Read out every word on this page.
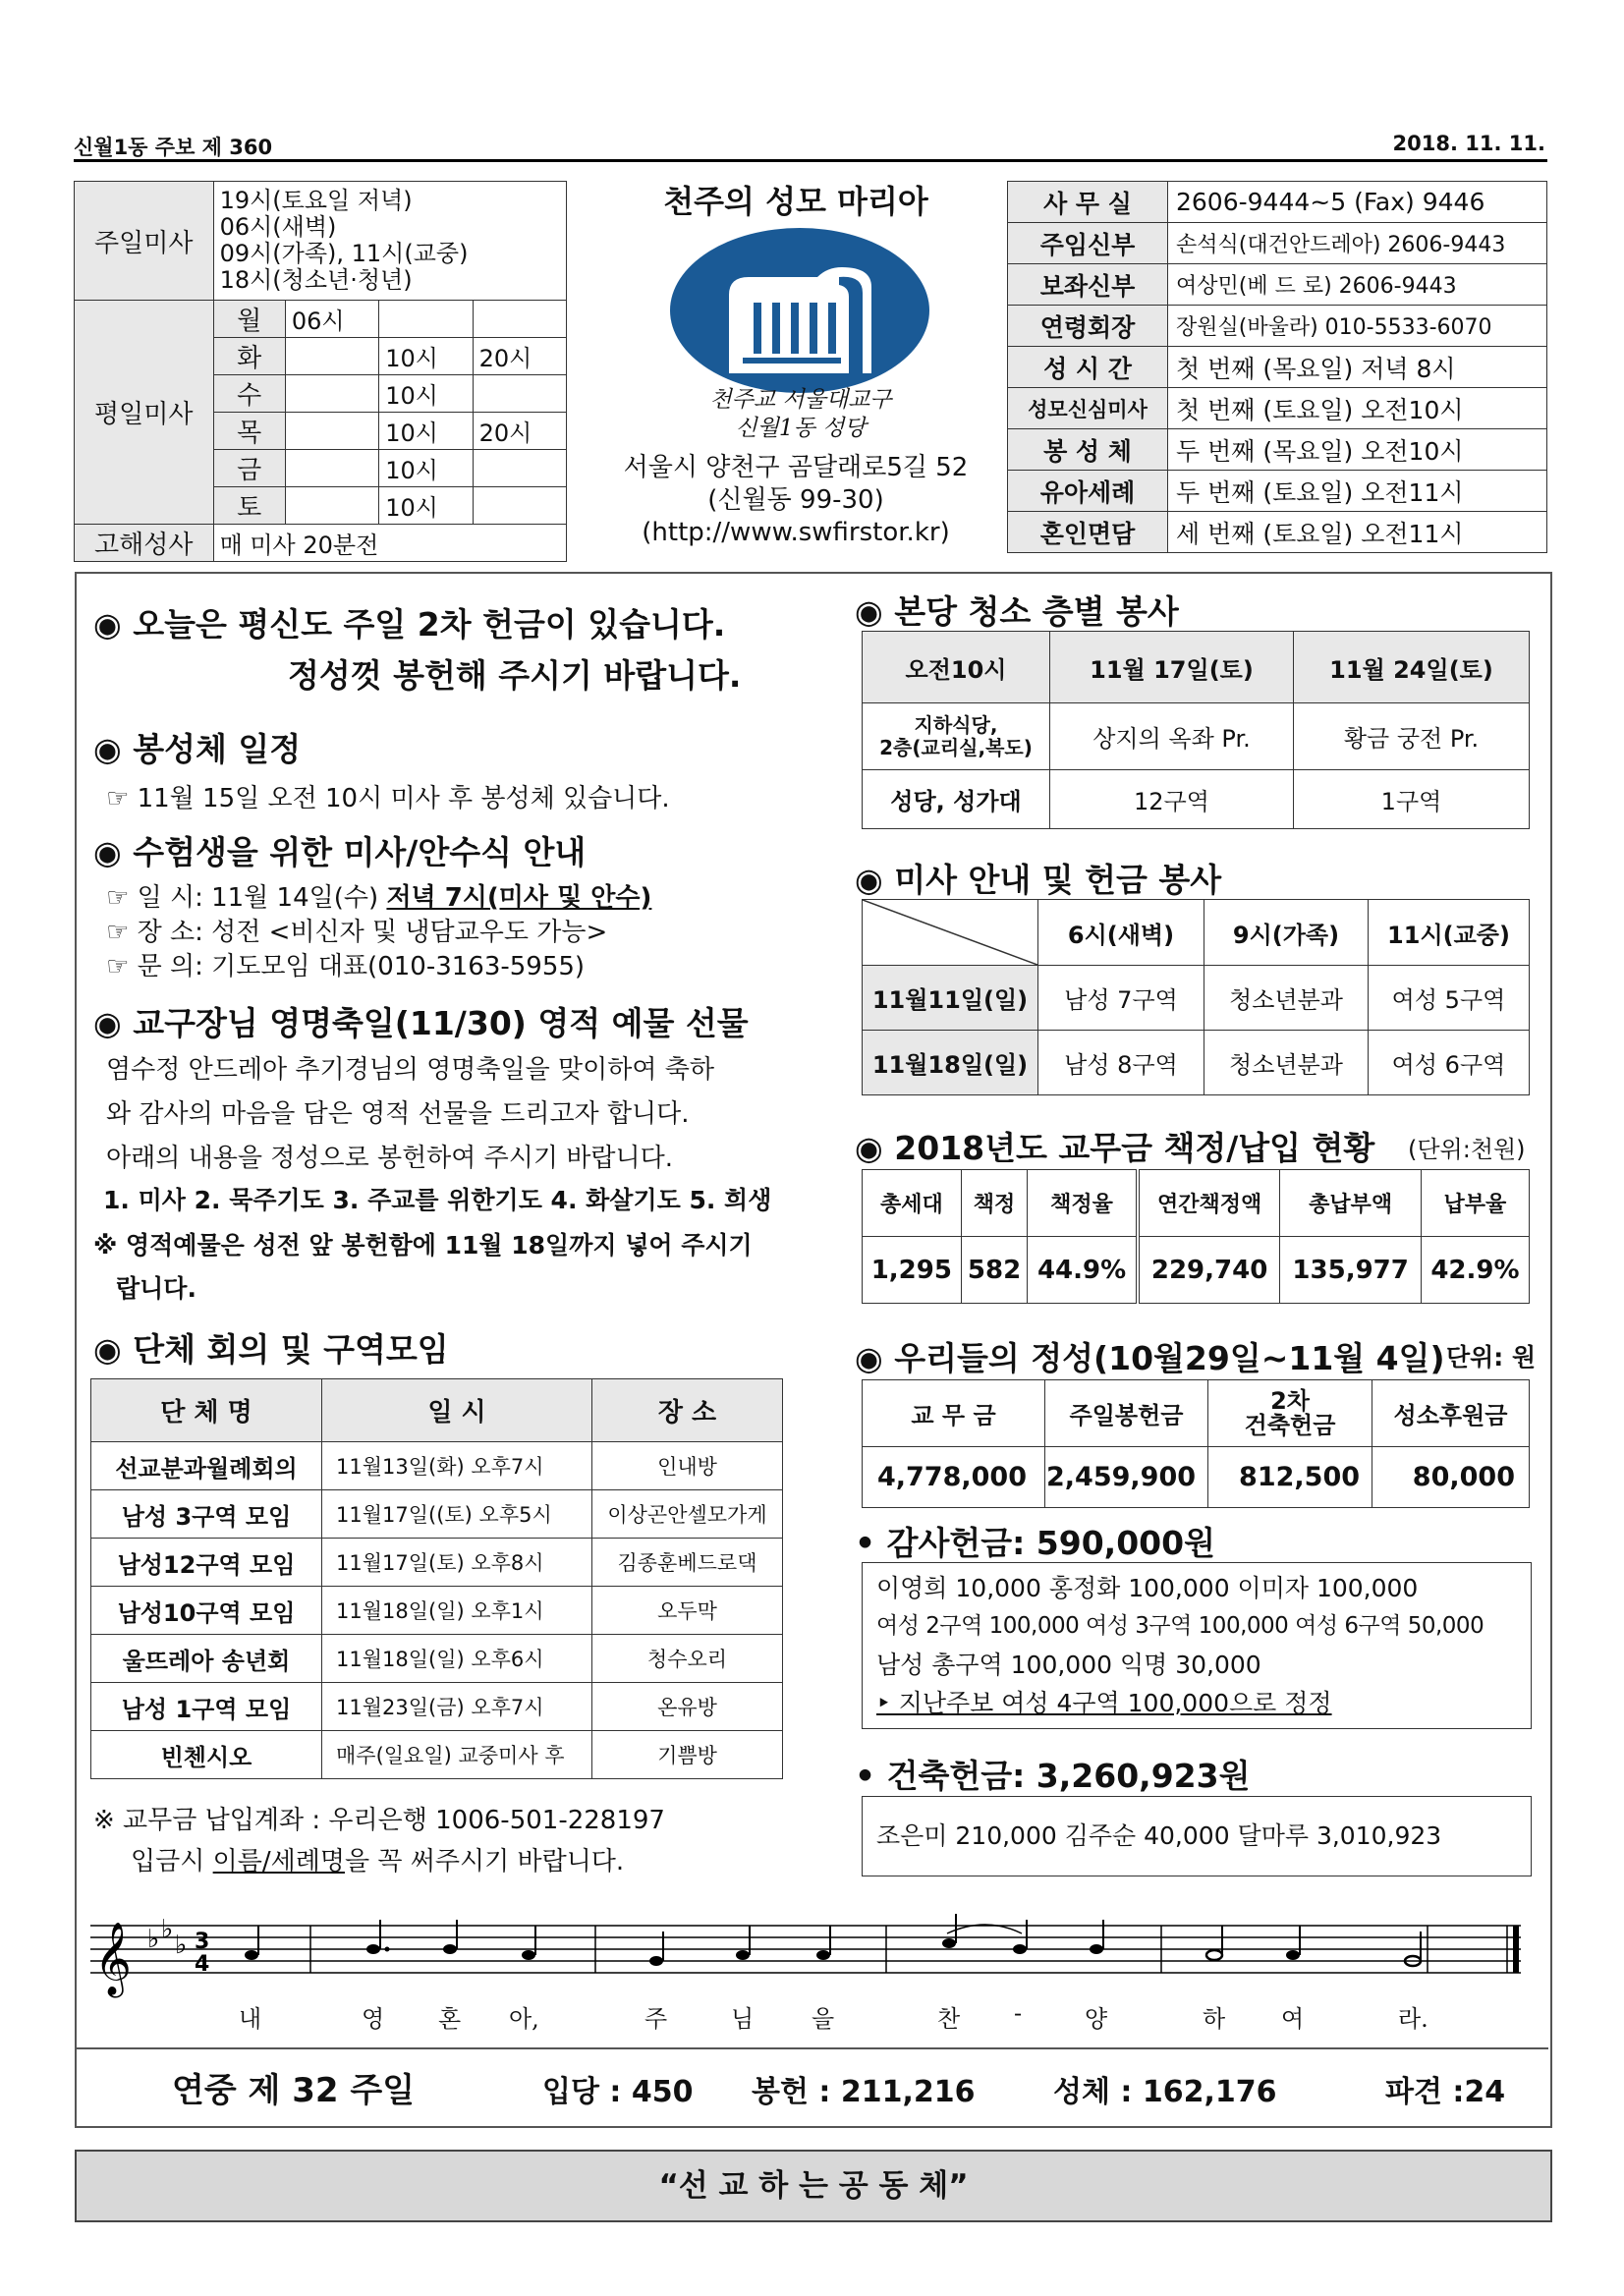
신월1동 주보 제 360	2018. 11. 11.
주일미사	19시(토요일 저녁)
06시(새벽)
09시(가족), 11시(교중)
18시(청소년·청년)			

평일미사	월	06시		
	화		10시	20시
	수		10시	
	목		10시	20시
	금		10시	
	토		10시	
고해성사	매 미사 20분전			
천주의 성모 마리아
천주교 서울대교구
신월1동 성당
서울시 양천구 곰달래로5길 52
(신월동 99-30)
(http://www.swfirstor.kr)
사 무 실	2606-9444~5 (Fax) 9446
주임신부	손석식(대건안드레아) 2606-9443
보좌신부	여상민(베 드 로) 2606-9443
연령회장	장원실(바울라) 010-5533-6070
성 시 간	첫 번째 (목요일) 저녁 8시
성모신심미사	첫 번째 (토요일) 오전10시
봉 성 체	두 번째 (목요일) 오전10시
유아세례	두 번째 (토요일) 오전11시
혼인면담	세 번째 (토요일) 오전11시
◉ 오늘은 평신도 주일 2차 헌금이 있습니다.
정성껏 봉헌해 주시기 바랍니다.
◉ 봉성체 일정
☞ 11월 15일 오전 10시 미사 후 봉성체 있습니다.
◉ 수험생을 위한 미사/안수식 안내
☞ 일 시: 11월 14일(수) 저녁 7시(미사 및 안수)
☞ 장 소: 성전 <비신자 및 냉담교우도 가능>
☞ 문 의: 기도모임 대표(010-3163-5955)
◉ 교구장님 영명축일(11/30) 영적 예물 선물
염수정 안드레아 추기경님의 영명축일을 맞이하여 축하
와 감사의 마음을 담은 영적 선물을 드리고자 합니다.
아래의 내용을 정성으로 봉헌하여 주시기 바랍니다.
1. 미사 2. 묵주기도 3. 주교를 위한기도 4. 화살기도 5. 희생
※ 영적예물은 성전 앞 봉헌함에 11월 18일까지 넣어 주시기
랍니다.
◉ 단체 회의 및 구역모임
단 체 명	일 시	장 소
선교분과월례회의	11월13일(화) 오후7시	인내방
남성 3구역 모임	11월17일((토) 오후5시	이상곤안셀모가게
남성12구역 모임	11월17일(토) 오후8시	김종훈베드로댁
남성10구역 모임	11월18일(일) 오후1시	오두막
울뜨레아 송년회	11월18일(일) 오후6시	청수오리
남성 1구역 모임	11월23일(금) 오후7시	온유방
빈첸시오	매주(일요일) 교중미사 후	기쁨방
※ 교무금 납입계좌 : 우리은행 1006-501-228197
입금시 이름/세례명을 꼭 써주시기 바랍니다.
◉ 본당 청소 층별 봉사
오전10시	11월 17일(토)	11월 24일(토)
지하식당,
2층(교리실,복도)	상지의 옥좌 Pr.	황금 궁전 Pr.
성당, 성가대	12구역	1구역
◉ 미사 안내 및 헌금 봉사
	6시(새벽)	9시(가족)	11시(교중)
11월11일(일)	남성 7구역	청소년분과	여성 5구역
11월18일(일)	남성 8구역	청소년분과	여성 6구역
◉ 2018년도 교무금 책정/납입 현황 (단위:천원)
총세대	책정	책정율	연간책정액	총납부액	납부율
1,295	582	44.9%	229,740	135,977	42.9%
◉ 우리들의 정성(10월29일~11월 4일) 단위: 원
교 무 금	주일봉헌금	2차
건축헌금	성소후원금
4,778,000	2,459,900	812,500	80,000
• 감사헌금: 590,000원
이영희 10,000 홍정화 100,000 이미자 100,000
여성 2구역 100,000 여성 3구역 100,000 여성 6구역 50,000
남성 총구역 100,000 익명 30,000
‣ 지난주보 여성 4구역 100,000으로 정정
• 건축헌금: 3,260,923원
조은미 210,000 김주순 40,000 달마루 3,010,923
𝄞 ♭ ♭
♭ 3
4
내	영 혼 아,	주	님 을	찬 -	양	하 여	라.
연중 제 32 주일	입당 : 450 봉헌 : 211,216	성체 : 162,176	파견 :24
“선 교 하 는 공 동 체”
